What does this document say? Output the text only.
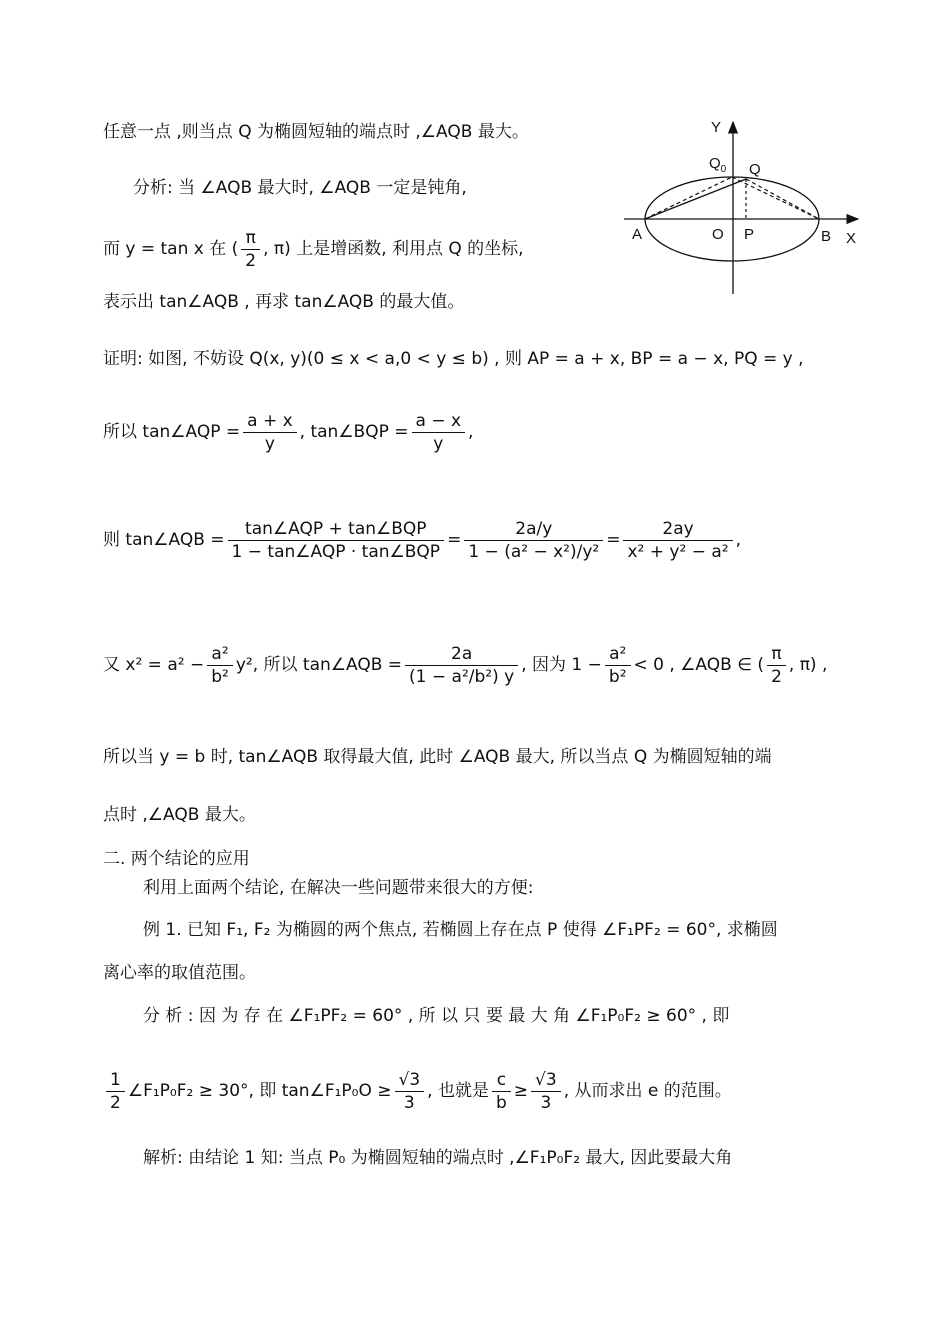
任意一点 ,则当点 Q 为椭圆短轴的端点时 ,∠AQB 最大。
分析: 当 ∠AQB 最大时, ∠AQB 一定是钝角,
而 y = tan x 在 ( $\frac{\pi}{2}$ , π) 上是增函数, 利用点 Q 的坐标,
表示出 tan∠AQB , 再求 tan∠AQB 的最大值。
证明: 如图, 不妨设 Q(x, y)(0 ≤ x < a,0 < y ≤ b) , 则 AP = a + x, BP = a − x, PQ = y ,
所以 tan∠AQP = $\frac{a + x}{y}$ , tan∠BQP = $\frac{a - x}{y}$ ,
则 tan∠AQB = $\frac{\text{tan∠AQP + tan∠BQP}}{\text{1 − tan∠AQP · tan∠BQP}} = \frac{2a/y}{\text{1 − (a² − x²)/y²}} = \frac{2ay}{\text{x² + y² − a²}}$ ,
又 $x^2 = a^2 - \frac{\text{a²}}{\text{b²}} y^2$, 所以 tan∠AQB = $\frac{2a}{\text{(1 − a²/b²) y}}$ , 因为 $1 - \frac{\text{a²}}{\text{b²}} < 0$ , ∠AQB ∈ ( $\frac{\pi}{2}$ , π) ,
所以当 y = b 时, tan∠AQB 取得最大值, 此时 ∠AQB 最大, 所以当点 Q 为椭圆短轴的端
点时 ,∠AQB 最大。
二. 两个结论的应用
利用上面两个结论, 在解决一些问题带来很大的方便:
例 1. 已知 F₁, F₂ 为椭圆的两个焦点, 若椭圆上存在点 P 使得 ∠F₁PF₂ = 60°, 求椭圆
离心率的取值范围。
分 析 : 因 为 存 在 ∠F₁PF₂ = 60° , 所 以 只 要 最 大 角 ∠F₁P₀F₂ ≥ 60° , 即
$\frac{1}{2}$ ∠F₁P₀F₂ ≥ 30°, 即 tan∠F₁P₀O ≥ $\frac{√3}{3}$ , 也就是 $\frac{c}{b} \ge \frac{√3}{3}$ , 从而求出 e 的范围。
解析: 由结论 1 知: 当点 P₀ 为椭圆短轴的端点时 ,∠F₁P₀F₂ 最大, 因此要最大角
Y
X
A	B
O P
Q
$Q_0$
